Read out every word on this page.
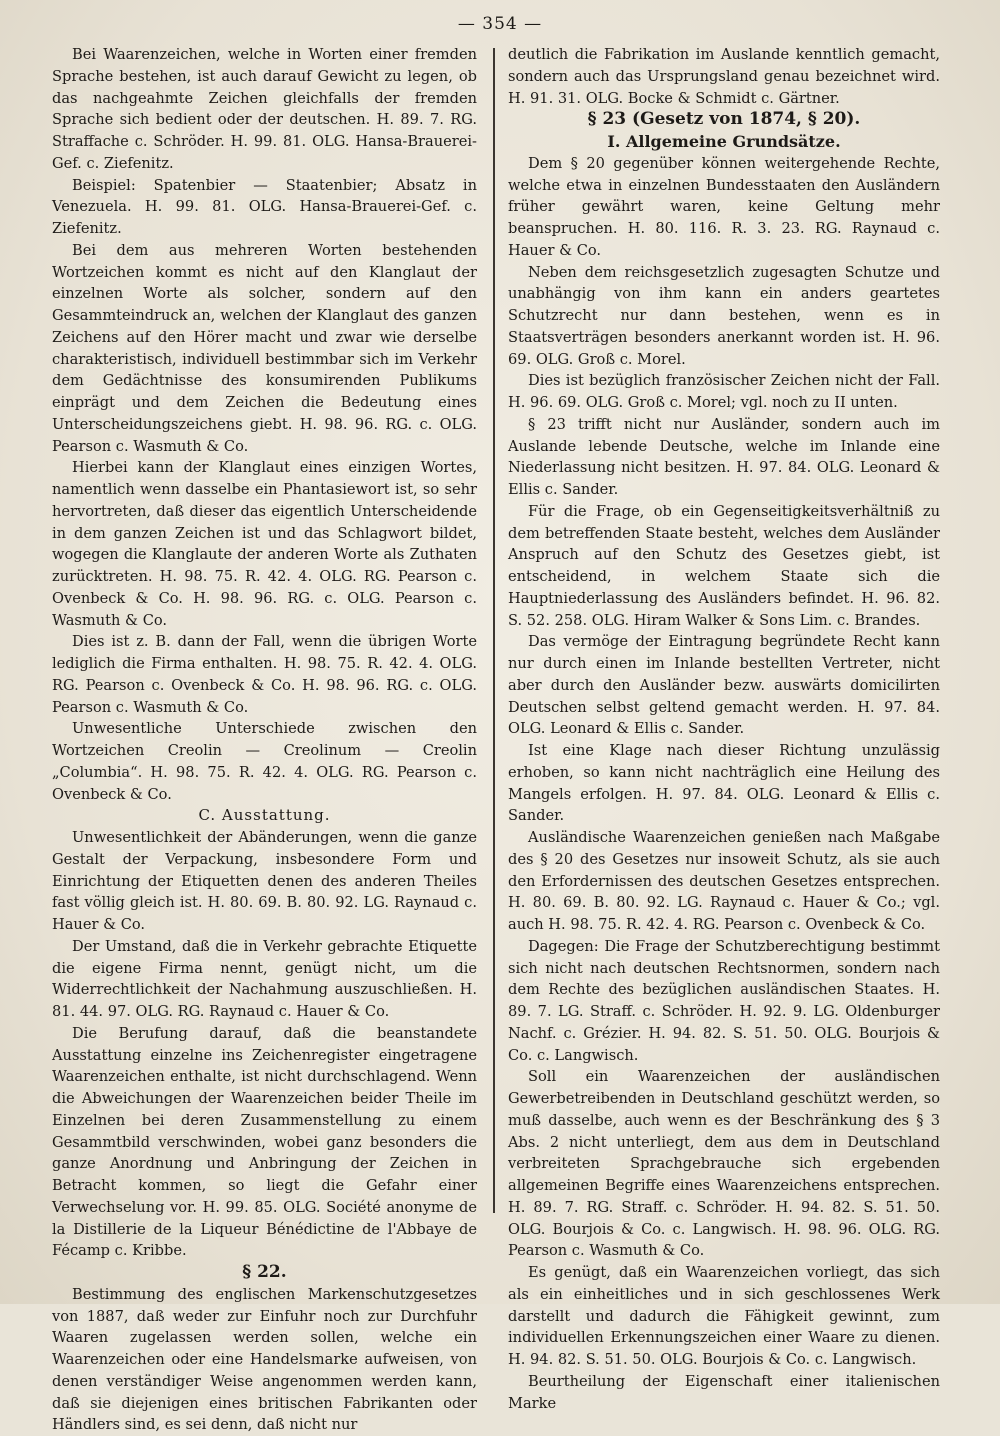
— 354 —

Bei Waarenzeichen, welche in Worten einer fremden Sprache bestehen, ist auch darauf Gewicht zu legen, ob das nachgeahmte Zeichen gleichfalls der fremden Sprache sich bedient oder der deutschen. H. 89. 7. RG. Straffache c. Schröder. H. 99. 81. OLG. Hansa-Brauerei-Gef. c. Ziefenitz.

Beispiel: Spatenbier — Staatenbier; Absatz in Venezuela. H. 99. 81. OLG. Hansa-Brauerei-Gef. c. Ziefenitz.

Bei dem aus mehreren Worten bestehenden Wortzeichen kommt es nicht auf den Klanglaut der einzelnen Worte als solcher, sondern auf den Gesammteindruck an, welchen der Klanglaut des ganzen Zeichens auf den Hörer macht und zwar wie derselbe charakteristisch, individuell bestimmbar sich im Verkehr dem Gedächtnisse des konsumirenden Publikums einprägt und dem Zeichen die Bedeutung eines Unterscheidungszeichens giebt. H. 98. 96. RG. c. OLG. Pearson c. Wasmuth & Co.

Hierbei kann der Klanglaut eines einzigen Wortes, namentlich wenn dasselbe ein Phantasiewort ist, so sehr hervortreten, daß dieser das eigentlich Unterscheidende in dem ganzen Zeichen ist und das Schlagwort bildet, wogegen die Klanglaute der anderen Worte als Zuthaten zurücktreten. H. 98. 75. R. 42. 4. OLG. RG. Pearson c. Ovenbeck & Co. H. 98. 96. RG. c. OLG. Pearson c. Wasmuth & Co.

Dies ist z. B. dann der Fall, wenn die übrigen Worte lediglich die Firma enthalten. H. 98. 75. R. 42. 4. OLG. RG. Pearson c. Ovenbeck & Co. H. 98. 96. RG. c. OLG. Pearson c. Wasmuth & Co.

Unwesentliche Unterschiede zwischen den Wortzeichen Creolin — Creolinum — Creolin „Columbia“. H. 98. 75. R. 42. 4. OLG. RG. Pearson c. Ovenbeck & Co.

C. Ausstattung.

Unwesentlichkeit der Abänderungen, wenn die ganze Gestalt der Verpackung, insbesondere Form und Einrichtung der Etiquetten denen des anderen Theiles fast völlig gleich ist. H. 80. 69. B. 80. 92. LG. Raynaud c. Hauer & Co.

Der Umstand, daß die in Verkehr gebrachte Etiquette die eigene Firma nennt, genügt nicht, um die Widerrechtlichkeit der Nachahmung auszuschließen. H. 81. 44. 97. OLG. RG. Raynaud c. Hauer & Co.

Die Berufung darauf, daß die beanstandete Ausstattung einzelne ins Zeichenregister eingetragene Waarenzeichen enthalte, ist nicht durchschlagend. Wenn die Abweichungen der Waarenzeichen beider Theile im Einzelnen bei deren Zusammenstellung zu einem Gesammtbild verschwinden, wobei ganz besonders die ganze Anordnung und Anbringung der Zeichen in Betracht kommen, so liegt die Gefahr einer Verwechselung vor. H. 99. 85. OLG. Société anonyme de la Distillerie de la Liqueur Bénédictine de l'Abbaye de Fécamp c. Kribbe.

§ 22.

Bestimmung des englischen Markenschutzgesetzes von 1887, daß weder zur Einfuhr noch zur Durchfuhr Waaren zugelassen werden sollen, welche ein Waarenzeichen oder eine Handelsmarke aufweisen, von denen verständiger Weise angenommen werden kann, daß sie diejenigen eines britischen Fabrikanten oder Händlers sind, es sei denn, daß nicht nur

deutlich die Fabrikation im Auslande kenntlich gemacht, sondern auch das Ursprungsland genau bezeichnet wird. H. 91. 31. OLG. Bocke & Schmidt c. Gärtner.

§ 23 (Gesetz von 1874, § 20).

I. Allgemeine Grundsätze.

Dem § 20 gegenüber können weitergehende Rechte, welche etwa in einzelnen Bundesstaaten den Ausländern früher gewährt waren, keine Geltung mehr beanspruchen. H. 80. 116. R. 3. 23. RG. Raynaud c. Hauer & Co.

Neben dem reichsgesetzlich zugesagten Schutze und unabhängig von ihm kann ein anders geartetes Schutzrecht nur dann bestehen, wenn es in Staatsverträgen besonders anerkannt worden ist. H. 96. 69. OLG. Groß c. Morel.

Dies ist bezüglich französischer Zeichen nicht der Fall. H. 96. 69. OLG. Groß c. Morel; vgl. noch zu II unten.

§ 23 trifft nicht nur Ausländer, sondern auch im Auslande lebende Deutsche, welche im Inlande eine Niederlassung nicht besitzen. H. 97. 84. OLG. Leonard & Ellis c. Sander.

Für die Frage, ob ein Gegenseitigkeitsverhältniß zu dem betreffenden Staate besteht, welches dem Ausländer Anspruch auf den Schutz des Gesetzes giebt, ist entscheidend, in welchem Staate sich die Hauptniederlassung des Ausländers befindet. H. 96. 82. S. 52. 258. OLG. Hiram Walker & Sons Lim. c. Brandes.

Das vermöge der Eintragung begründete Recht kann nur durch einen im Inlande bestellten Vertreter, nicht aber durch den Ausländer bezw. auswärts domicilirten Deutschen selbst geltend gemacht werden. H. 97. 84. OLG. Leonard & Ellis c. Sander.

Ist eine Klage nach dieser Richtung unzulässig erhoben, so kann nicht nachträglich eine Heilung des Mangels erfolgen. H. 97. 84. OLG. Leonard & Ellis c. Sander.

Ausländische Waarenzeichen genießen nach Maßgabe des § 20 des Gesetzes nur insoweit Schutz, als sie auch den Erfordernissen des deutschen Gesetzes entsprechen. H. 80. 69. B. 80. 92. LG. Raynaud c. Hauer & Co.; vgl. auch H. 98. 75. R. 42. 4. RG. Pearson c. Ovenbeck & Co.

Dagegen: Die Frage der Schutzberechtigung bestimmt sich nicht nach deutschen Rechtsnormen, sondern nach dem Rechte des bezüglichen ausländischen Staates. H. 89. 7. LG. Straff. c. Schröder. H. 92. 9. LG. Oldenburger Nachf. c. Grézier. H. 94. 82. S. 51. 50. OLG. Bourjois & Co. c. Langwisch.

Soll ein Waarenzeichen der ausländischen Gewerbetreibenden in Deutschland geschützt werden, so muß dasselbe, auch wenn es der Beschränkung des § 3 Abs. 2 nicht unterliegt, dem aus dem in Deutschland verbreiteten Sprachgebrauche sich ergebenden allgemeinen Begriffe eines Waarenzeichens entsprechen. H. 89. 7. RG. Straff. c. Schröder. H. 94. 82. S. 51. 50. OLG. Bourjois & Co. c. Langwisch. H. 98. 96. OLG. RG. Pearson c. Wasmuth & Co.

Es genügt, daß ein Waarenzeichen vorliegt, das sich als ein einheitliches und in sich geschlossenes Werk darstellt und dadurch die Fähigkeit gewinnt, zum individuellen Erkennungszeichen einer Waare zu dienen. H. 94. 82. S. 51. 50. OLG. Bourjois & Co. c. Langwisch.

Beurtheilung der Eigenschaft einer italienischen Marke
